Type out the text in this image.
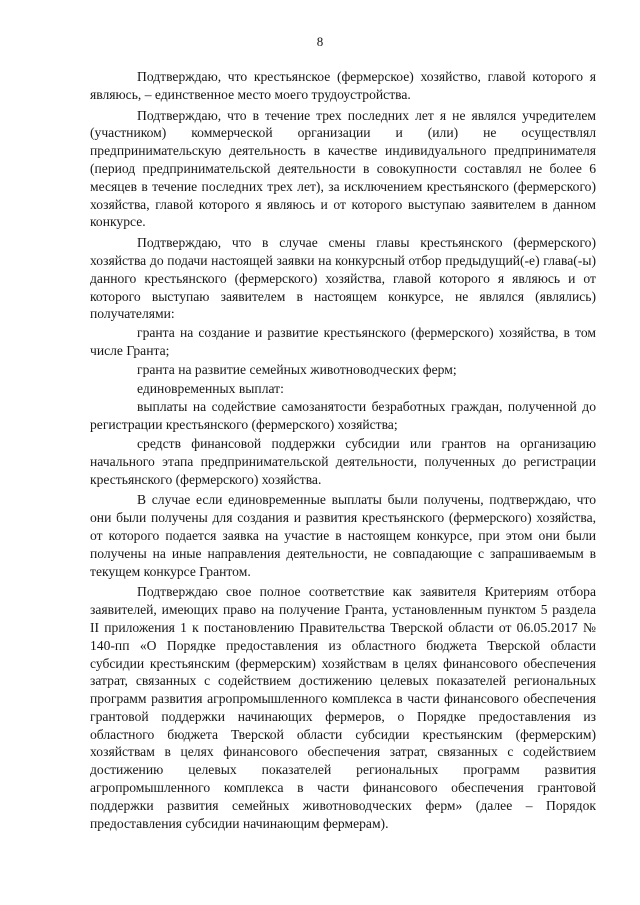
8

Подтверждаю, что крестьянское (фермерское) хозяйство, главой которого я являюсь, – единственное место моего трудоустройства.

Подтверждаю, что в течение трех последних лет я не являлся учредителем (участником) коммерческой организации и (или) не осуществлял предпринимательскую деятельность в качестве индивидуального предпринимателя (период предпринимательской деятельности в совокупности составлял не более 6 месяцев в течение последних трех лет), за исключением крестьянского (фермерского) хозяйства, главой которого я являюсь и от которого выступаю заявителем в данном конкурсе.

Подтверждаю, что в случае смены главы крестьянского (фермерского) хозяйства до подачи настоящей заявки на конкурсный отбор предыдущий(-е) глава(-ы) данного крестьянского (фермерского) хозяйства, главой которого я являюсь и от которого выступаю заявителем в настоящем конкурсе, не являлся (являлись) получателями:

гранта на создание и развитие крестьянского (фермерского) хозяйства, в том числе Гранта;

гранта на развитие семейных животноводческих ферм;

единовременных выплат:

выплаты на содействие самозанятости безработных граждан, полученной до регистрации крестьянского (фермерского) хозяйства;

средств финансовой поддержки субсидии или грантов на организацию начального этапа предпринимательской деятельности, полученных до регистрации крестьянского (фермерского) хозяйства.

В случае если единовременные выплаты были получены, подтверждаю, что они были получены для создания и развития крестьянского (фермерского) хозяйства, от которого подается заявка на участие в настоящем конкурсе, при этом они были получены на иные направления деятельности, не совпадающие с запрашиваемым в текущем конкурсе Грантом.

Подтверждаю свое полное соответствие как заявителя Критериям отбора заявителей, имеющих право на получение Гранта, установленным пунктом 5 раздела II приложения 1 к постановлению Правительства Тверской области от 06.05.2017 № 140-пп «О Порядке предоставления из областного бюджета Тверской области субсидии крестьянским (фермерским) хозяйствам в целях финансового обеспечения затрат, связанных с содействием достижению целевых показателей региональных программ развития агропромышленного комплекса в части финансового обеспечения грантовой поддержки начинающих фермеров, о Порядке предоставления из областного бюджета Тверской области субсидии крестьянским (фермерским) хозяйствам в целях финансового обеспечения затрат, связанных с содействием достижению целевых показателей региональных программ развития агропромышленного комплекса в части финансового обеспечения грантовой поддержки развития семейных животноводческих ферм» (далее – Порядок предоставления субсидии начинающим фермерам).
